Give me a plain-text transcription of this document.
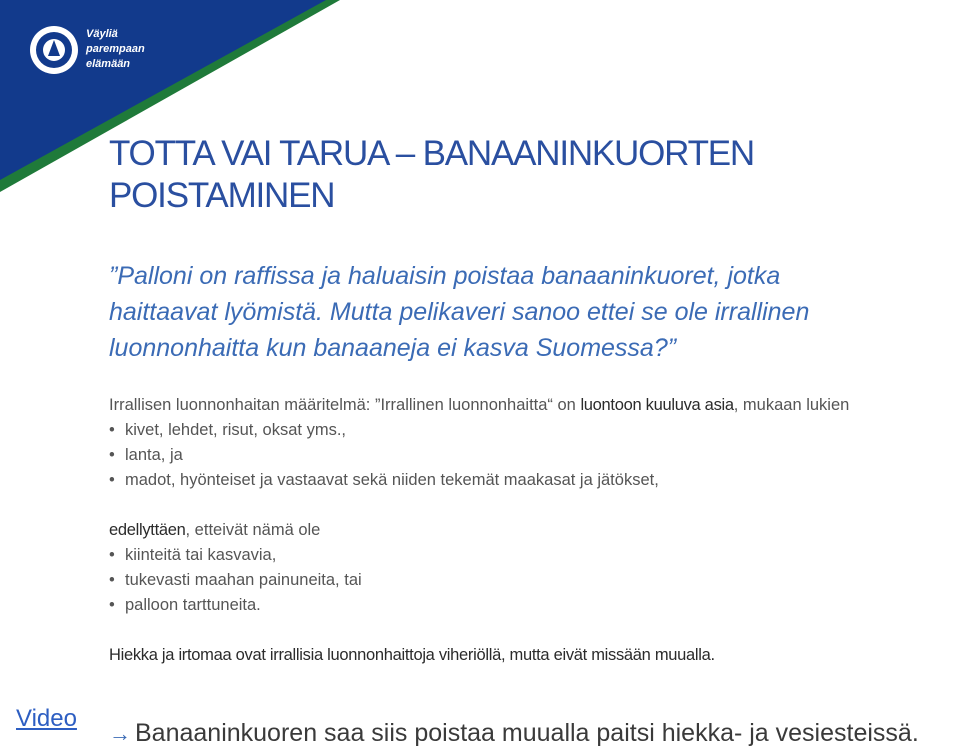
Väyliä
parempaan
elämään
TOTTA VAI TARUA – BANAANINKUORTEN
POISTAMINEN

”Palloni on raffissa ja haluaisin poistaa banaaninkuoret, jotka
haittaavat lyömistä. Mutta pelikaveri sanoo ettei se ole irrallinen
luonnonhaitta kun banaaneja ei kasva Suomessa?”

Irrallisen luonnonhaitan määritelmä: ”Irrallinen luonnonhaitta“ on luontoon kuuluva asia, mukaan lukien

• kivet, lehdet, risut, oksat yms.,
• lanta, ja
• madot, hyönteiset ja vastaavat sekä niiden tekemät maakasat ja jätökset,

edellyttäen, etteivät nämä ole

• kiinteitä tai kasvavia,
• tukevasti maahan painuneita, tai
• palloon tarttuneita.

Hiekka ja irtomaa ovat irrallisia luonnonhaittoja viheriöllä, mutta eivät missään muualla.

Video
→ Banaaninkuoren saa siis poistaa muualla paitsi hiekka- ja vesiesteissä.
